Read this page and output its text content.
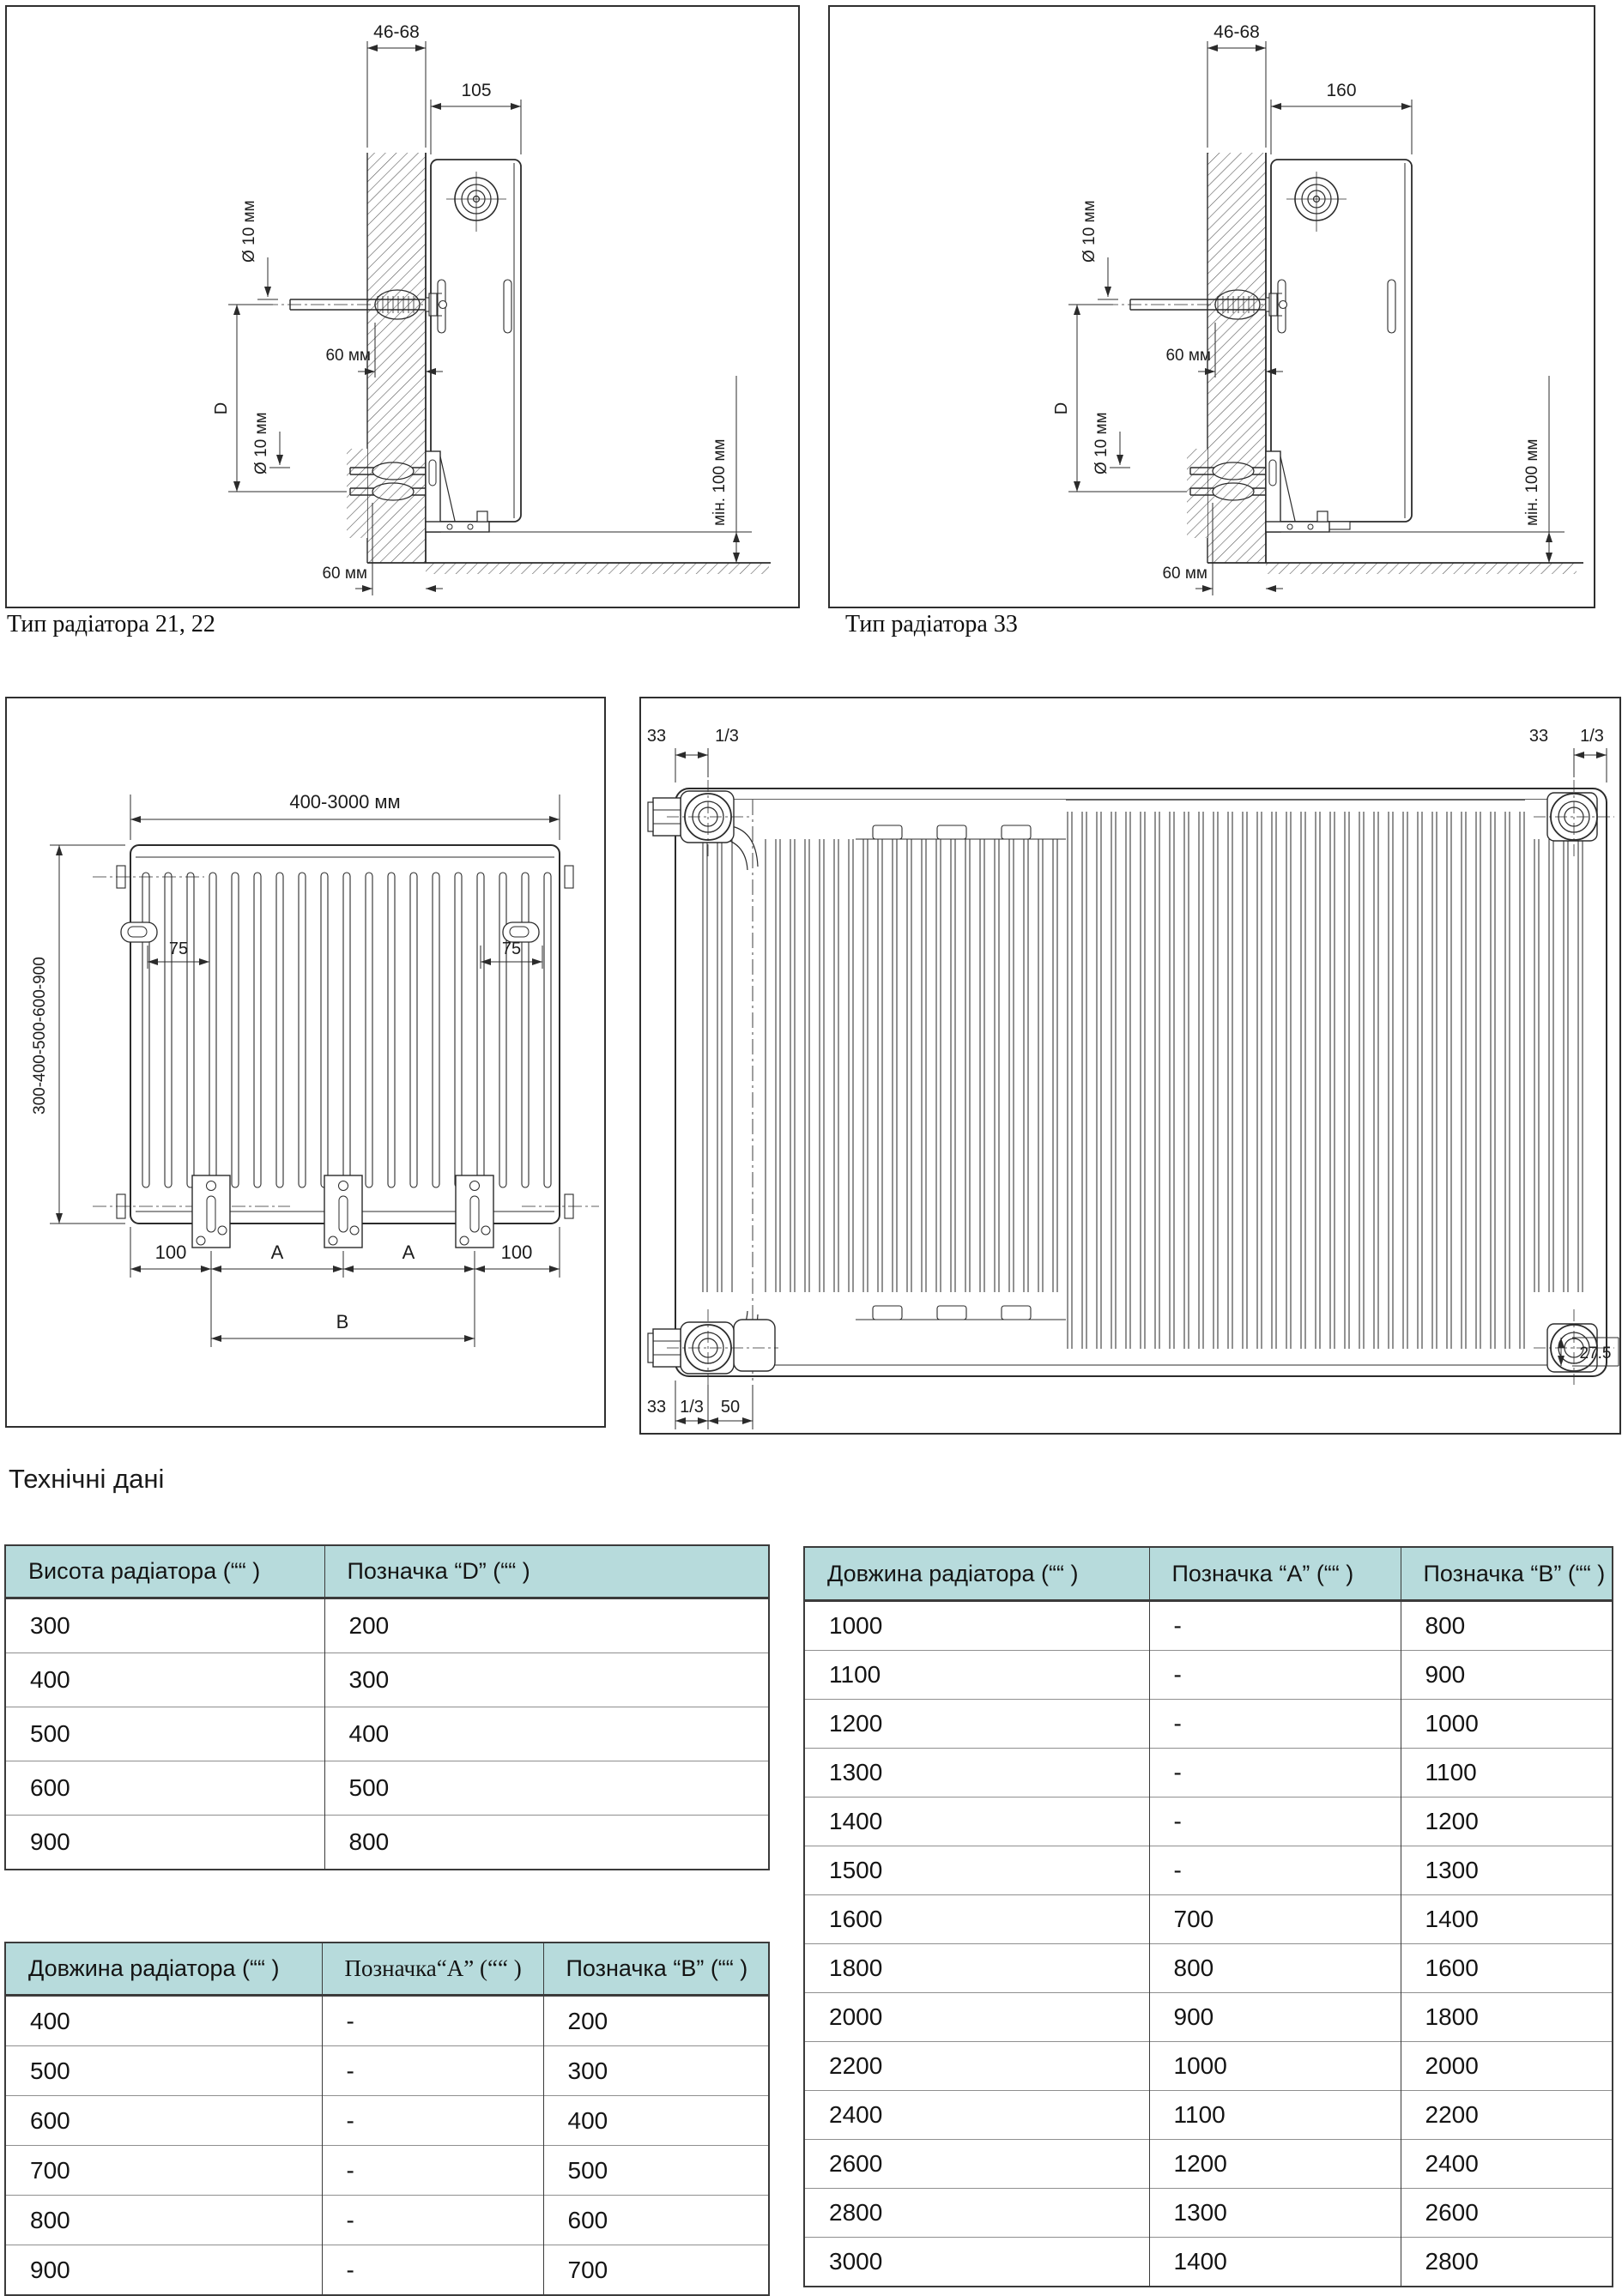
46-68
105
Ø 10 мм
60 мм
Ø 10 мм
60 мм
D
мін. 100 мм
Тип радіатора 21, 22
46-68
160
Ø 10 мм
60 мм
Ø 10 мм
60 мм
D
мін. 100 мм
Тип радіатора 33
400-3000 мм
300-400-500-600-900
75	75
100	A	A	100
B
33	1/3	33 1/3
33 1/3 50
27.5
Технічні дані
Висота радіатора (““ )	Позначка “D” (““ )
300	200
400	300
500	400
600	500
900	800
Довжина радіатора (““ )	Позначка“А” (““ )	Позначка “В” (““ )
400	-	200
500	-	300
600	-	400
700	-	500
800	-	600
900	-	700
Довжина радіатора (““ )	Позначка “А” (““ )	Позначка “В” (““ )
1000	-	800
1100	-	900
1200	-	1000
1300	-	1100
1400	-	1200
1500	-	1300
1600	700	1400
1800	800	1600
2000	900	1800
2200	1000	2000
2400	1100	2200
2600	1200	2400
2800	1300	2600
3000	1400	2800
